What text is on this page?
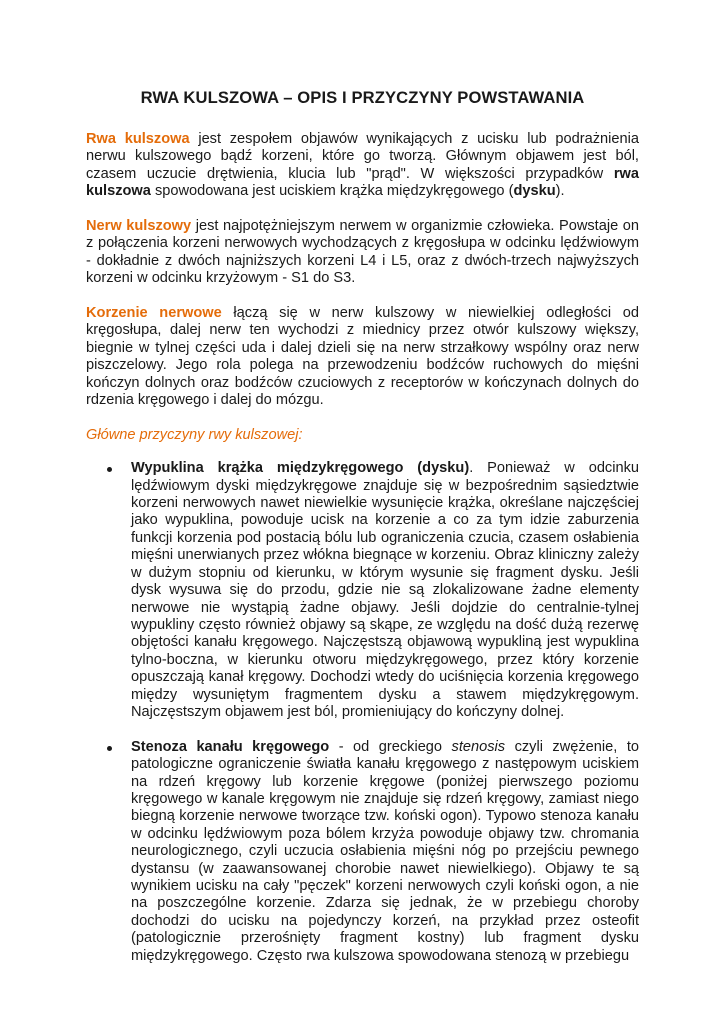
RWA KULSZOWA – OPIS I PRZYCZYNY POWSTAWANIA

Rwa kulszowa jest zespołem objawów wynikających z ucisku lub podrażnienia nerwu kulszowego bądź korzeni, które go tworzą. Głównym objawem jest ból, czasem uczucie drętwienia, klucia lub "prąd". W większości przypadków rwa kulszowa spowodowana jest uciskiem krążka międzykręgowego (dysku).

Nerw kulszowy jest najpotężniejszym nerwem w organizmie człowieka. Powstaje on z połączenia korzeni nerwowych wychodzących z kręgosłupa w odcinku lędźwiowym - dokładnie z dwóch najniższych korzeni L4 i L5, oraz z dwóch-trzech najwyższych korzeni w odcinku krzyżowym - S1 do S3.

Korzenie nerwowe łączą się w nerw kulszowy w niewielkiej odległości od kręgosłupa, dalej nerw ten wychodzi z miednicy przez otwór kulszowy większy, biegnie w tylnej części uda i dalej dzieli się na nerw strzałkowy wspólny oraz nerw piszczelowy. Jego rola polega na przewodzeniu bodźców ruchowych do mięśni kończyn dolnych oraz bodźców czuciowych z receptorów w kończynach dolnych do rdzenia kręgowego i dalej do mózgu.

Główne przyczyny rwy kulszowej:

Wypuklina krążka międzykręgowego (dysku). Ponieważ w odcinku lędźwiowym dyski międzykręgowe znajduje się w bezpośrednim sąsiedztwie korzeni nerwowych nawet niewielkie wysunięcie krążka, określane najczęściej jako wypuklina, powoduje ucisk na korzenie a co za tym idzie zaburzenia funkcji korzenia pod postacią bólu lub ograniczenia czucia, czasem osłabienia mięśni unerwianych przez włókna biegnące w korzeniu. Obraz kliniczny zależy w dużym stopniu od kierunku, w którym wysunie się fragment dysku. Jeśli dysk wysuwa się do przodu, gdzie nie są zlokalizowane żadne elementy nerwowe nie wystąpią żadne objawy. Jeśli dojdzie do centralnie-tylnej wypukliny często również objawy są skąpe, ze względu na dość dużą rezerwę objętości kanału kręgowego. Najczęstszą objawową wypukliną jest wypuklina tylno-boczna, w kierunku otworu międzykręgowego, przez który korzenie opuszczają kanał kręgowy. Dochodzi wtedy do uciśnięcia korzenia kręgowego między wysuniętym fragmentem dysku a stawem międzykręgowym. Najczęstszym objawem jest ból, promieniujący do kończyny dolnej.

Stenoza kanału kręgowego - od greckiego stenosis czyli zwężenie, to patologiczne ograniczenie światła kanału kręgowego z następowym uciskiem na rdzeń kręgowy lub korzenie kręgowe (poniżej pierwszego poziomu kręgowego w kanale kręgowym nie znajduje się rdzeń kręgowy, zamiast niego biegną korzenie nerwowe tworzące tzw. koński ogon). Typowo stenoza kanału w odcinku lędźwiowym poza bólem krzyża powoduje objawy tzw. chromania neurologicznego, czyli uczucia osłabienia mięśni nóg po przejściu pewnego dystansu (w zaawansowanej chorobie nawet niewielkiego). Objawy te są wynikiem ucisku na cały "pęczek" korzeni nerwowych czyli koński ogon, a nie na poszczególne korzenie. Zdarza się jednak, że w przebiegu choroby dochodzi do ucisku na pojedynczy korzeń, na przykład przez osteofit (patologicznie przerośnięty fragment kostny) lub fragment dysku międzykręgowego. Często rwa kulszowa spowodowana stenozą w przebiegu
